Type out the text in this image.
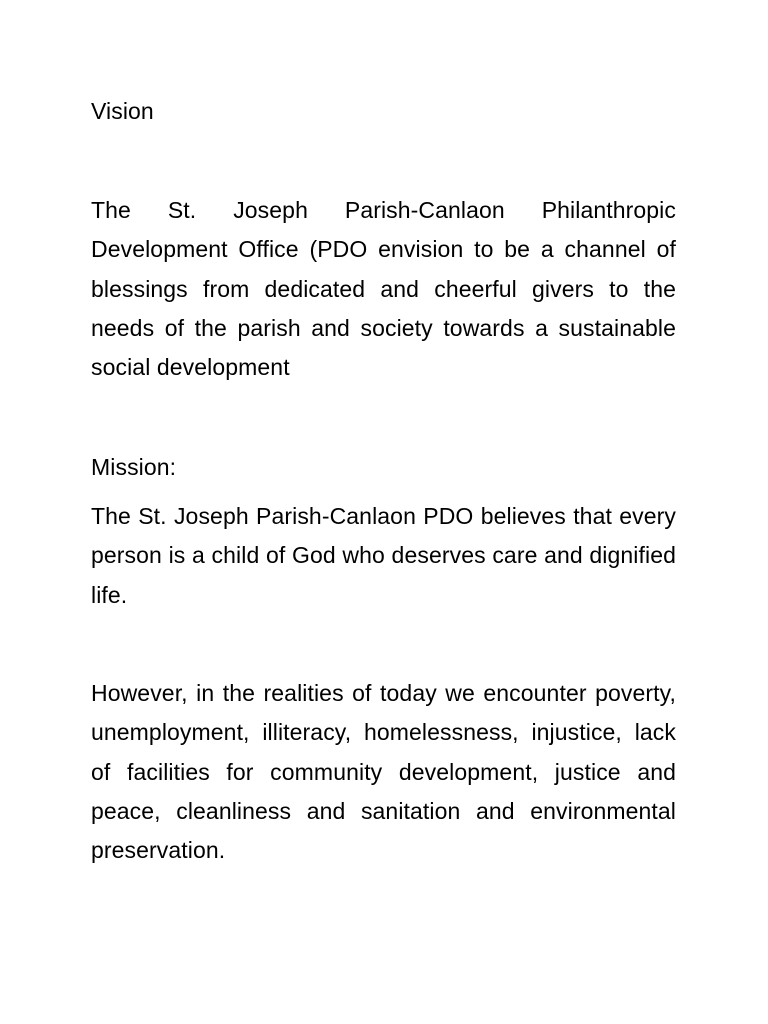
Vision

The St. Joseph Parish-Canlaon Philanthropic Development Office (PDO envision to be a channel of blessings from dedicated and cheerful givers to the needs of the parish and society towards a sustainable social development

Mission:

The St. Joseph Parish-Canlaon PDO believes that every person is a child of God who deserves care and dignified life.

However, in the realities of today we encounter poverty, unemployment, illiteracy, homelessness, injustice, lack of facilities for community development, justice and peace, cleanliness and sanitation and environmental preservation.
